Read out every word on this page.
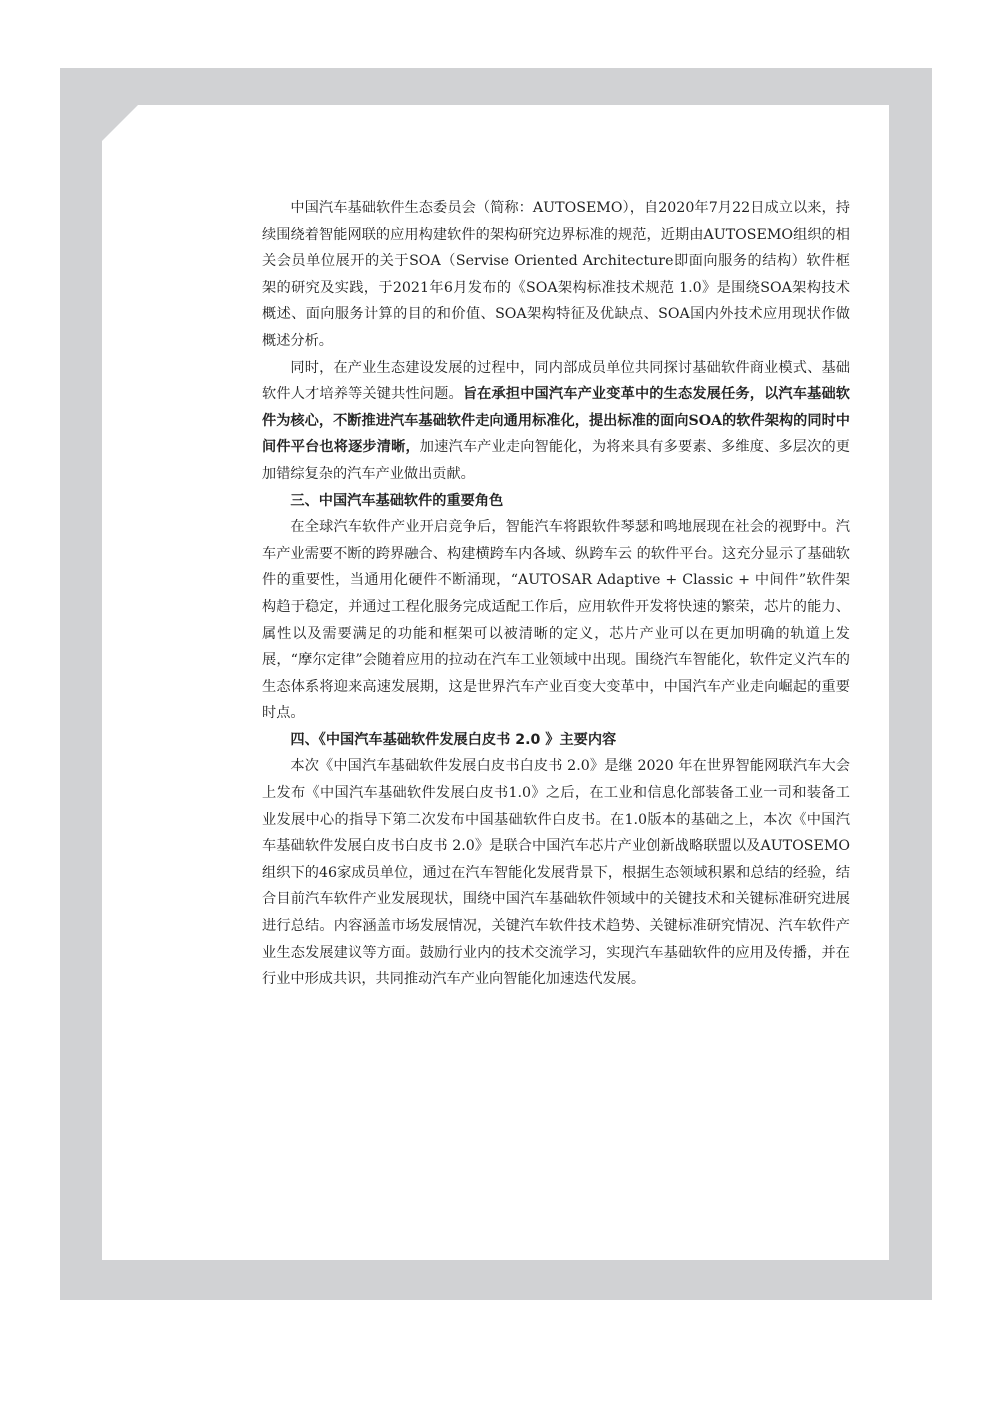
中国汽车基础软件生态委员会（简称：AUTOSEMO），自2020年7月22日成立以来，持续围绕着智能网联的应用构建软件的架构研究边界标准的规范，近期由AUTOSEMO组织的相关会员单位展开的关于SOA（Servise Oriented Architecture即面向服务的结构）软件框架的研究及实践，于2021年6月发布的《SOA架构标准技术规范 1.0》是围绕SOA架构技术概述、面向服务计算的目的和价值、SOA架构特征及优缺点、SOA国内外技术应用现状作做概述分析。

同时，在产业生态建设发展的过程中，同内部成员单位共同探讨基础软件商业模式、基础软件人才培养等关键共性问题。旨在承担中国汽车产业变革中的生态发展任务，以汽车基础软件为核心，不断推进汽车基础软件走向通用标准化，提出标准的面向SOA的软件架构的同时中间件平台也将逐步清晰，加速汽车产业走向智能化，为将来具有多要素、多维度、多层次的更加错综复杂的汽车产业做出贡献。

三、中国汽车基础软件的重要角色

在全球汽车软件产业开启竞争后，智能汽车将跟软件琴瑟和鸣地展现在社会的视野中。汽车产业需要不断的跨界融合、构建横跨车内各域、纵跨车云 的软件平台。这充分显示了基础软件的重要性，当通用化硬件不断涌现，“AUTOSAR Adaptive + Classic + 中间件”软件架构趋于稳定，并通过工程化服务完成适配工作后，应用软件开发将快速的繁荣，芯片的能力、属性以及需要满足的功能和框架可以被清晰的定义，芯片产业可以在更加明确的轨道上发展，“摩尔定律”会随着应用的拉动在汽车工业领域中出现。围绕汽车智能化，软件定义汽车的生态体系将迎来高速发展期，这是世界汽车产业百变大变革中，中国汽车产业走向崛起的重要时点。

四、《中国汽车基础软件发展白皮书 2.0 》主要内容

本次《中国汽车基础软件发展白皮书白皮书 2.0》是继 2020 年在世界智能网联汽车大会上发布《中国汽车基础软件发展白皮书1.0》之后，在工业和信息化部装备工业一司和装备工业发展中心的指导下第二次发布中国基础软件白皮书。在1.0版本的基础之上，本次《中国汽车基础软件发展白皮书白皮书 2.0》是联合中国汽车芯片产业创新战略联盟以及AUTOSEMO 组织下的46家成员单位，通过在汽车智能化发展背景下，根据生态领域积累和总结的经验，结合目前汽车软件产业发展现状，围绕中国汽车基础软件领域中的关键技术和关键标准研究进展进行总结。内容涵盖市场发展情况，关键汽车软件技术趋势、关键标准研究情况、汽车软件产业生态发展建议等方面。鼓励行业内的技术交流学习，实现汽车基础软件的应用及传播，并在行业中形成共识，共同推动汽车产业向智能化加速迭代发展。
